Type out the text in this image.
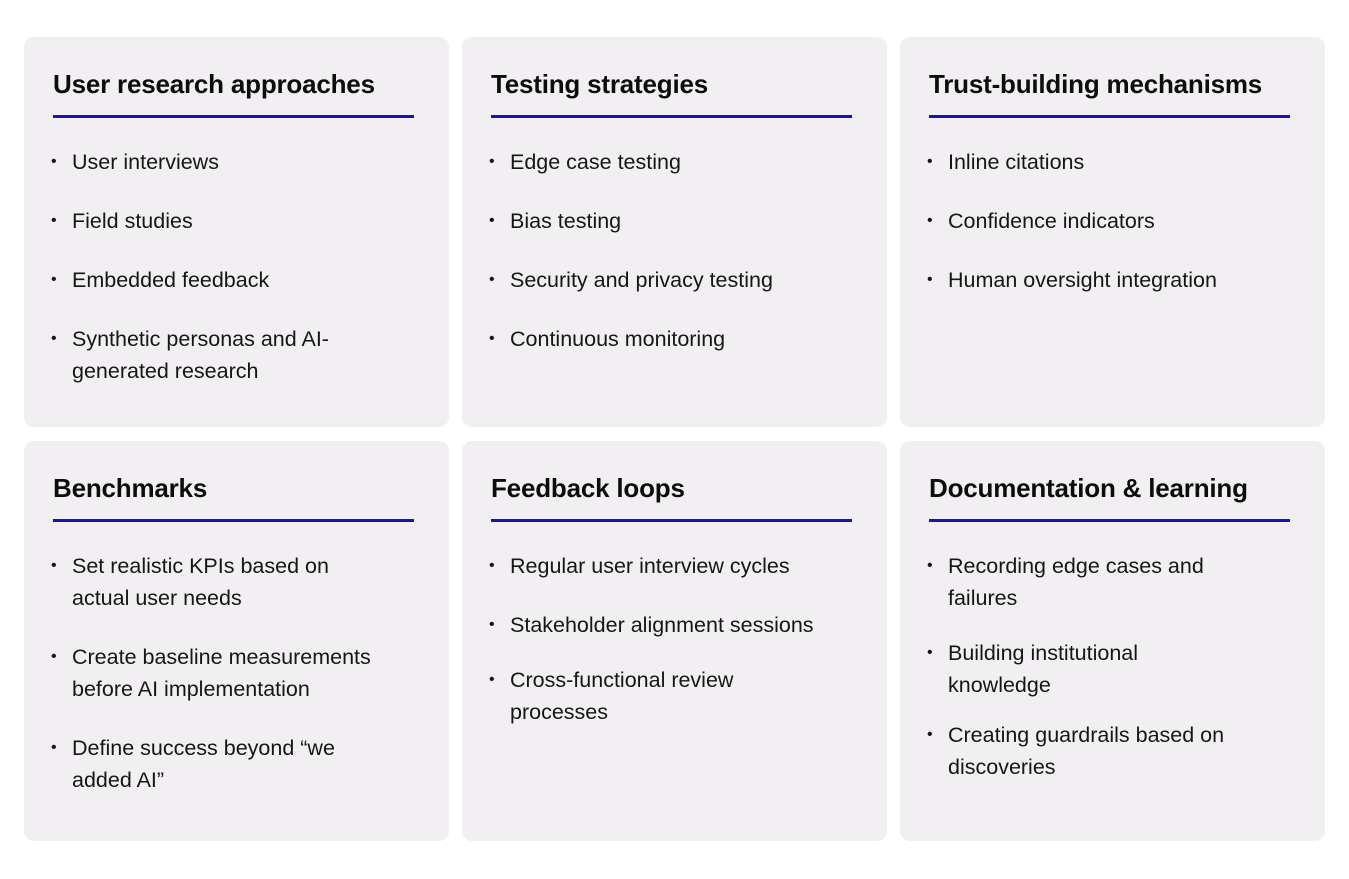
User research approaches
• User interviews
• Field studies
• Embedded feedback
• Synthetic personas and AI-generated research
Testing strategies
• Edge case testing
• Bias testing
• Security and privacy testing
• Continuous monitoring
Trust-building mechanisms
• Inline citations
• Confidence indicators
• Human oversight integration
Benchmarks
• Set realistic KPIs based on actual user needs
• Create baseline measurements before AI implementation
• Define success beyond “we added AI”
Feedback loops
• Regular user interview cycles
• Stakeholder alignment sessions
• Cross-functional review processes
Documentation & learning
• Recording edge cases and failures
• Building institutional knowledge
• Creating guardrails based on discoveries
